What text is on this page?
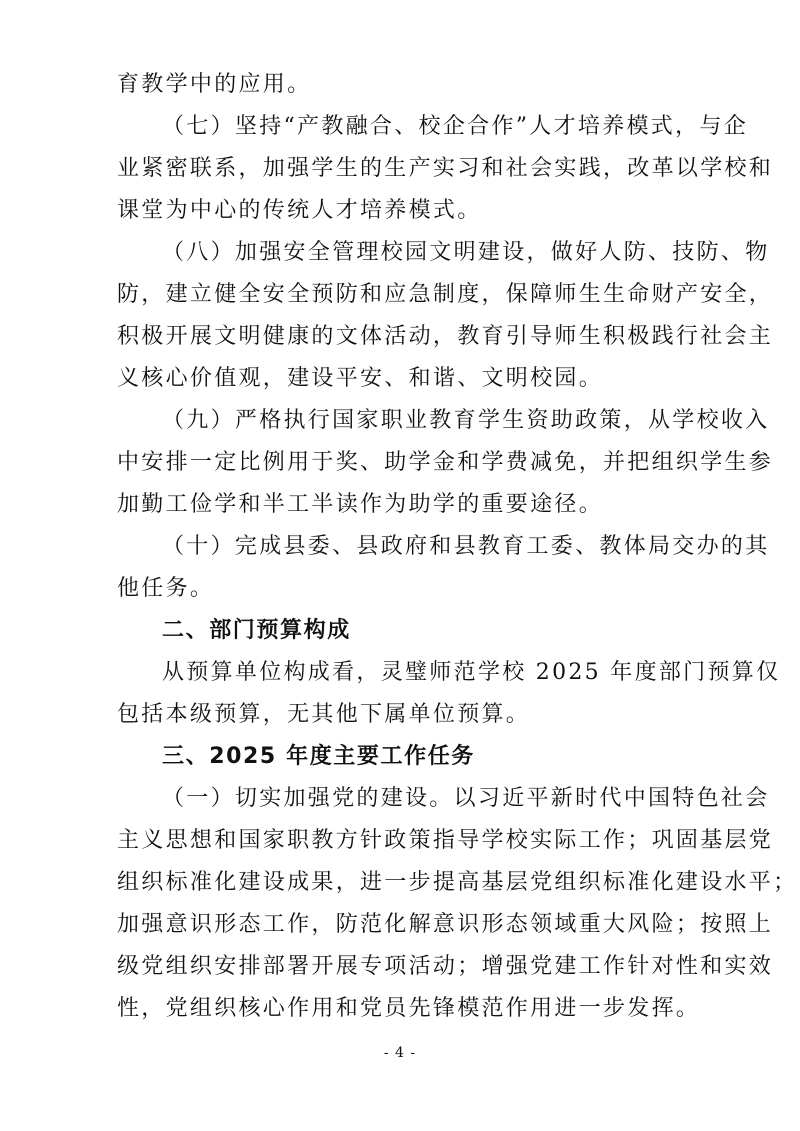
育教学中的应用。
（七）坚持“产教融合、校企合作”人才培养模式，与企
业紧密联系，加强学生的生产实习和社会实践，改革以学校和
课堂为中心的传统人才培养模式。
（八）加强安全管理校园文明建设，做好人防、技防、物
防，建立健全安全预防和应急制度，保障师生生命财产安全，
积极开展文明健康的文体活动，教育引导师生积极践行社会主
义核心价值观，建设平安、和谐、文明校园。
（九）严格执行国家职业教育学生资助政策，从学校收入
中安排一定比例用于奖、助学金和学费减免，并把组织学生参
加勤工俭学和半工半读作为助学的重要途径。
（十）完成县委、县政府和县教育工委、教体局交办的其
他任务。
二、部门预算构成
从预算单位构成看，灵璧师范学校 2025 年度部门预算仅
包括本级预算，无其他下属单位预算。
三、2025 年度主要工作任务
（一）切实加强党的建设。以习近平新时代中国特色社会
主义思想和国家职教方针政策指导学校实际工作；巩固基层党
组织标准化建设成果，进一步提高基层党组织标准化建设水平；
加强意识形态工作，防范化解意识形态领域重大风险；按照上
级党组织安排部署开展专项活动；增强党建工作针对性和实效
性，党组织核心作用和党员先锋模范作用进一步发挥。
- 4 -
